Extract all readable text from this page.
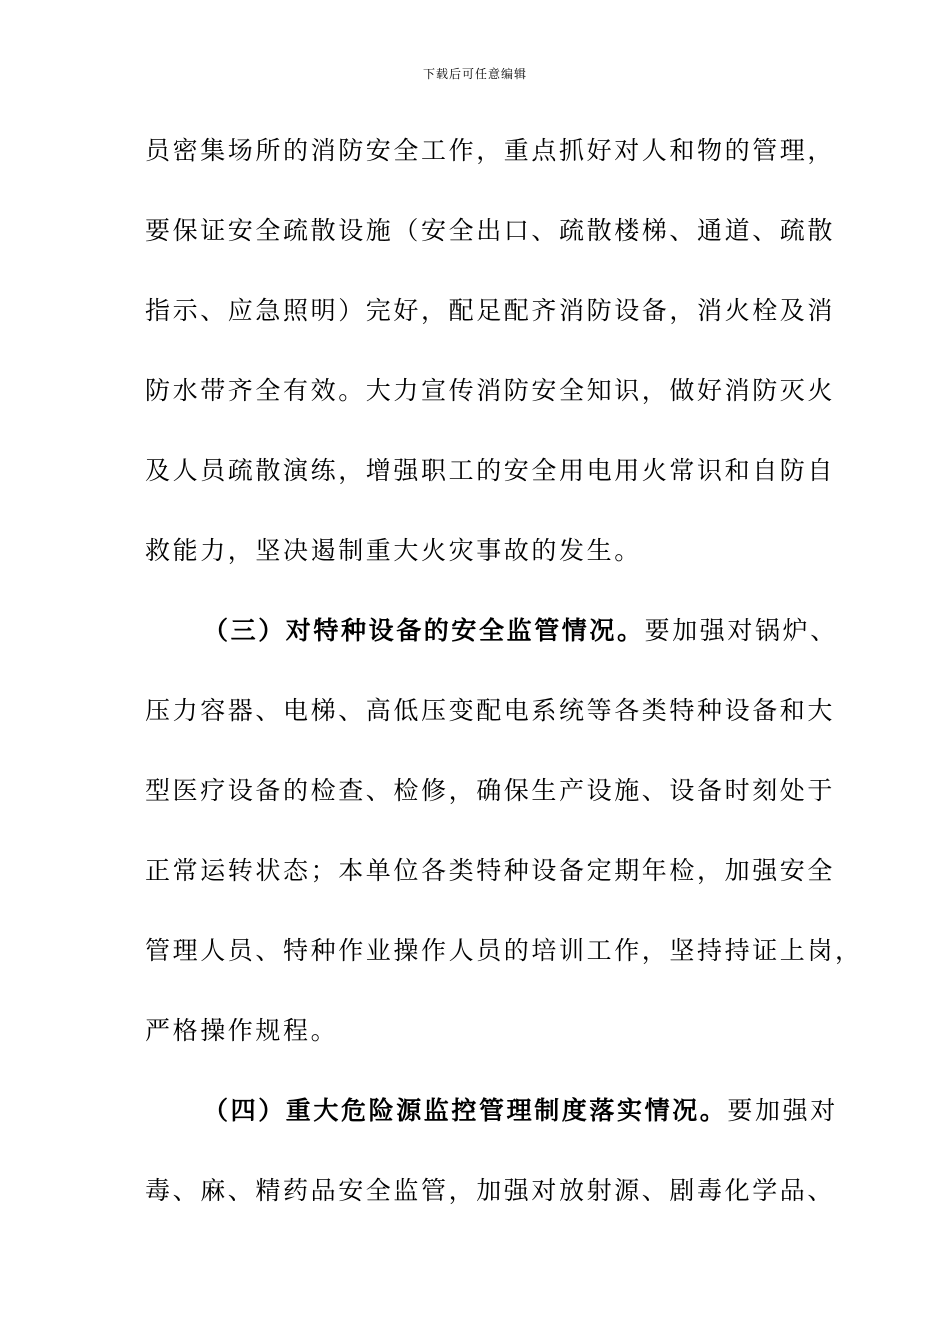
下载后可任意编辑
员密集场所的消防安全工作，重点抓好对人和物的管理，
要保证安全疏散设施（安全出口、疏散楼梯、通道、疏散
指示、应急照明）完好，配足配齐消防设备，消火栓及消
防水带齐全有效。大力宣传消防安全知识，做好消防灭火
及人员疏散演练，增强职工的安全用电用火常识和自防自
救能力，坚决遏制重大火灾事故的发生。
（三）对特种设备的安全监管情况。要加强对锅炉、
压力容器、电梯、高低压变配电系统等各类特种设备和大
型医疗设备的检查、检修，确保生产设施、设备时刻处于
正常运转状态；本单位各类特种设备定期年检，加强安全
管理人员、特种作业操作人员的培训工作，坚持持证上岗，
严格操作规程。
（四）重大危险源监控管理制度落实情况。要加强对
毒、麻、精药品安全监管，加强对放射源、剧毒化学品、
